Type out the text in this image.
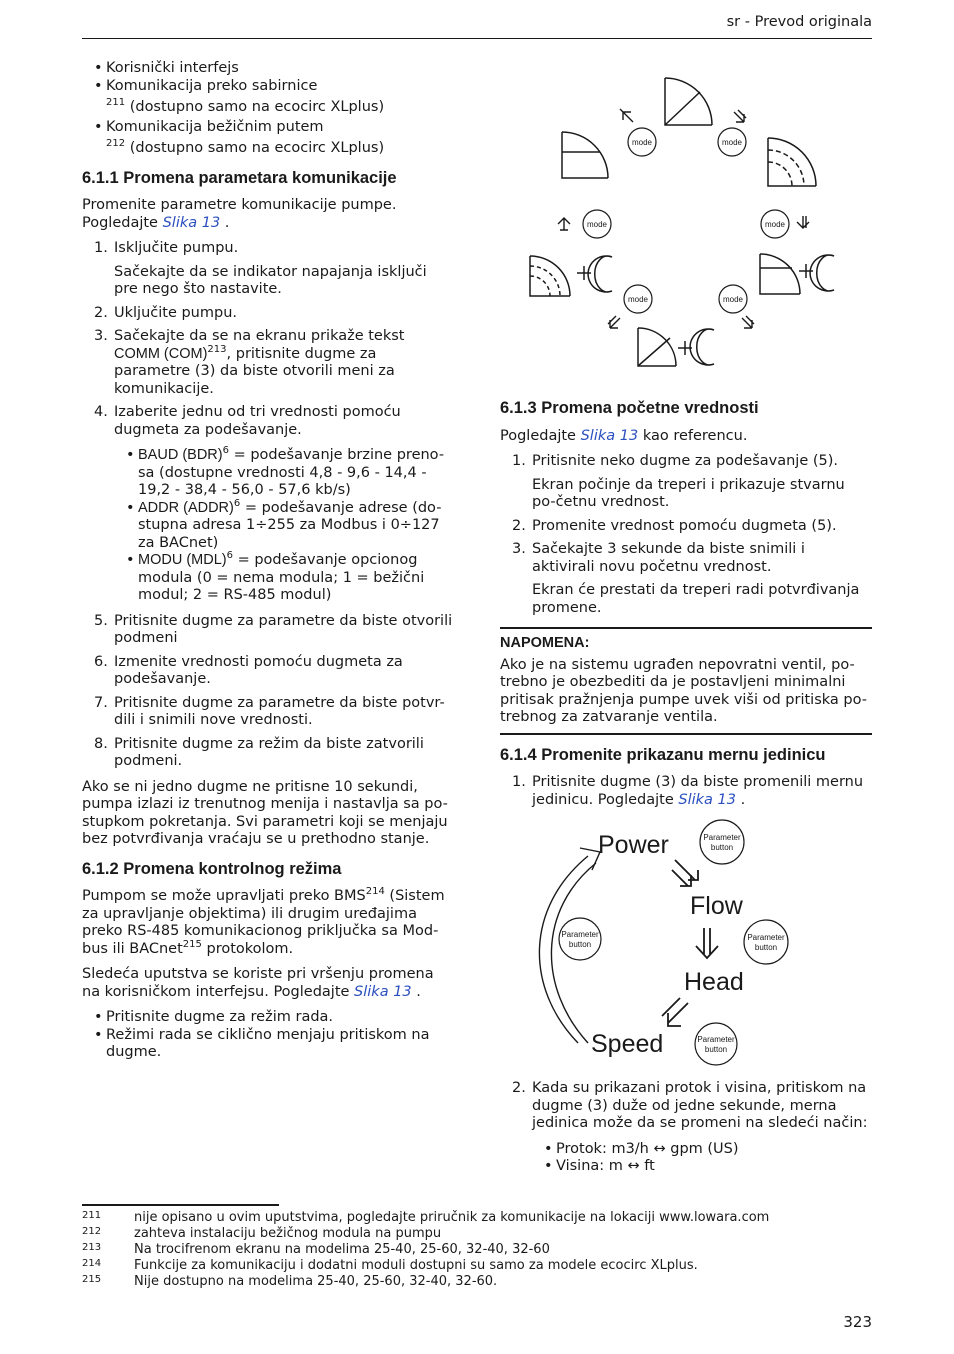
sr - Prevod originala
• Korisnički interfejs
• Komunikacija preko sabirnice
$^{211}$ (dostupno samo na ecocirc XLplus)
• Komunikacija bežičnim putem
$^{212}$ (dostupno samo na ecocirc XLplus)
6.1.1 Promena parametara komunikacije

Promenite parametre komunikacije pumpe. Pogledajte Slika 13 .

1. Isključite pumpu.
Sačekajte da se indikator napajanja isključi pre nego što nastavite.
2. Uključite pumpu.
3. Sačekajte da se na ekranu prikaže tekst COMM (COM)$^{213}$, pritisnite dugme za parametre (3) da biste otvorili meni za komunikacije.
4. Izaberite jednu od tri vrednosti pomoću dugmeta za podešavanje.
• BAUD (BDR)$^6$ = podešavanje brzine preno-sa (dostupne vrednosti 4,8 - 9,6 - 14,4 - 19,2 - 38,4 - 56,0 - 57,6 kb/s)
• ADDR (ADDR)$^6$ = podešavanje adrese (do-stupna adresa 1÷255 za Modbus i 0÷127 za BACnet)
• MODU (MDL)$^6$ = podešavanje opcionog modula (0 = nema modula; 1 = bežični modul; 2 = RS-485 modul)
5. Pritisnite dugme za parametre da biste otvorili podmeni
6. Izmenite vrednosti pomoću dugmeta za podešavanje.
7. Pritisnite dugme za parametre da biste potvr-dili i snimili nove vrednosti.
8. Pritisnite dugme za režim da biste zatvorili podmeni.

Ako se ni jedno dugme ne pritisne 10 sekundi, pumpa izlazi iz trenutnog menija i nastavlja sa po-stupkom pokretanja. Svi parametri koji se menjaju bez potvrđivanja vraćaju se u prethodno stanje.

6.1.2 Promena kontrolnog režima

Pumpom se može upravljati preko BMS$^{214}$ (Sistem za upravljanje objektima) ili drugim uređajima preko RS-485 komunikacionog priključka sa Mod-bus ili BACnet$^{215}$ protokolom.

Sledeća uputstva se koriste pri vršenju promena na korisničkom interfejsu. Pogledajte Slika 13 .

• Pritisnite dugme za režim rada.
• Režimi rada se ciklično menjaju pritiskom na dugme.
mode	mode
mode	mode
mode	mode
6.1.3 Promena početne vrednosti

Pogledajte Slika 13 kao referencu.

1. Pritisnite neko dugme za podešavanje (5).
Ekran počinje da treperi i prikazuje stvarnu po-četnu vrednost.
2. Promenite vrednost pomoću dugmeta (5).
3. Sačekajte 3 sekunde da biste snimili i aktivirali novu početnu vrednost.
Ekran će prestati da treperi radi potvrđivanja promene.
NAPOMENA:
Ako je na sistemu ugrađen nepovratni ventil, po-trebno je obezbediti da je postavljeni minimalni pritisak pražnjenja pumpe uvek viši od pritiska po-trebnog za zatvaranje ventila.
6.1.4 Promenite prikazanu mernu jedinicu
1. Pritisnite dugme (3) da biste promenili mernu jedinicu. Pogledajte Slika 13 .
Power
Flow
Head
Speed
Parameter
button
Parameter
button
Parameter
button
Parameter
button
2. Kada su prikazani protok i visina, pritiskom na dugme (3) duže od jedne sekunde, merna jedinica može da se promeni na sledeći način:
• Protok: m3/h ↔ gpm (US)
• Visina: m ↔ ft
211	nije opisano u ovim uputstvima, pogledajte priručnik za komunikacije na lokaciji www.lowara.com
212	zahteva instalaciju bežičnog modula na pumpu
213	Na trocifrenom ekranu na modelima 25-40, 25-60, 32-40, 32-60
214	Funkcije za komunikaciju i dodatni moduli dostupni su samo za modele ecocirc XLplus.
215	Nije dostupno na modelima 25-40, 25-60, 32-40, 32-60.
323
